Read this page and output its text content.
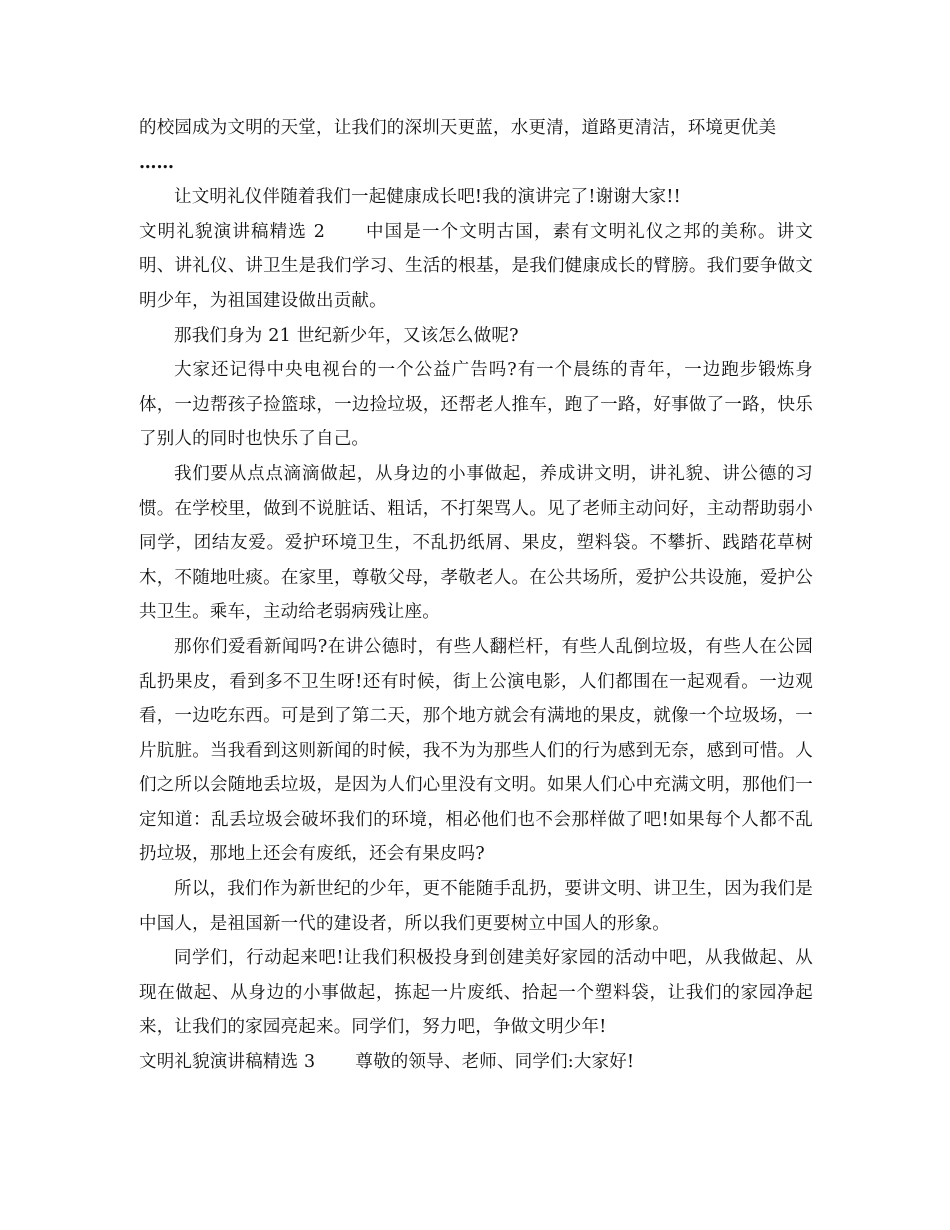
的校园成为文明的天堂，让我们的深圳天更蓝，水更清，道路更清洁，环境更优美

……

让文明礼仪伴随着我们一起健康成长吧!我的演讲完了!谢谢大家!!

文明礼貌演讲稿精选 2 中国是一个文明古国，素有文明礼仪之邦的美称。讲文明、讲礼仪、讲卫生是我们学习、生活的根基，是我们健康成长的臂膀。我们要争做文明少年，为祖国建设做出贡献。

那我们身为 21 世纪新少年，又该怎么做呢?

大家还记得中央电视台的一个公益广告吗?有一个晨练的青年，一边跑步锻炼身体，一边帮孩子捡篮球，一边捡垃圾，还帮老人推车，跑了一路，好事做了一路，快乐了别人的同时也快乐了自己。

我们要从点点滴滴做起，从身边的小事做起，养成讲文明，讲礼貌、讲公德的习惯。在学校里，做到不说脏话、粗话，不打架骂人。见了老师主动问好，主动帮助弱小同学，团结友爱。爱护环境卫生，不乱扔纸屑、果皮，塑料袋。不攀折、践踏花草树木，不随地吐痰。在家里，尊敬父母，孝敬老人。在公共场所，爱护公共设施，爱护公共卫生。乘车，主动给老弱病残让座。

那你们爱看新闻吗?在讲公德时，有些人翻栏杆，有些人乱倒垃圾，有些人在公园乱扔果皮，看到多不卫生呀!还有时候，街上公演电影，人们都围在一起观看。一边观看，一边吃东西。可是到了第二天，那个地方就会有满地的果皮，就像一个垃圾场，一片肮脏。当我看到这则新闻的时候，我不为为那些人们的行为感到无奈，感到可惜。人们之所以会随地丢垃圾，是因为人们心里没有文明。如果人们心中充满文明，那他们一定知道：乱丢垃圾会破坏我们的环境，相必他们也不会那样做了吧!如果每个人都不乱扔垃圾，那地上还会有废纸，还会有果皮吗?

所以，我们作为新世纪的少年，更不能随手乱扔，要讲文明、讲卫生，因为我们是中国人，是祖国新一代的建设者，所以我们更要树立中国人的形象。

同学们，行动起来吧!让我们积极投身到创建美好家园的活动中吧，从我做起、从现在做起、从身边的小事做起，拣起一片废纸、拾起一个塑料袋，让我们的家园净起来，让我们的家园亮起来。同学们，努力吧，争做文明少年!

文明礼貌演讲稿精选 3 尊敬的领导、老师、同学们:大家好!
